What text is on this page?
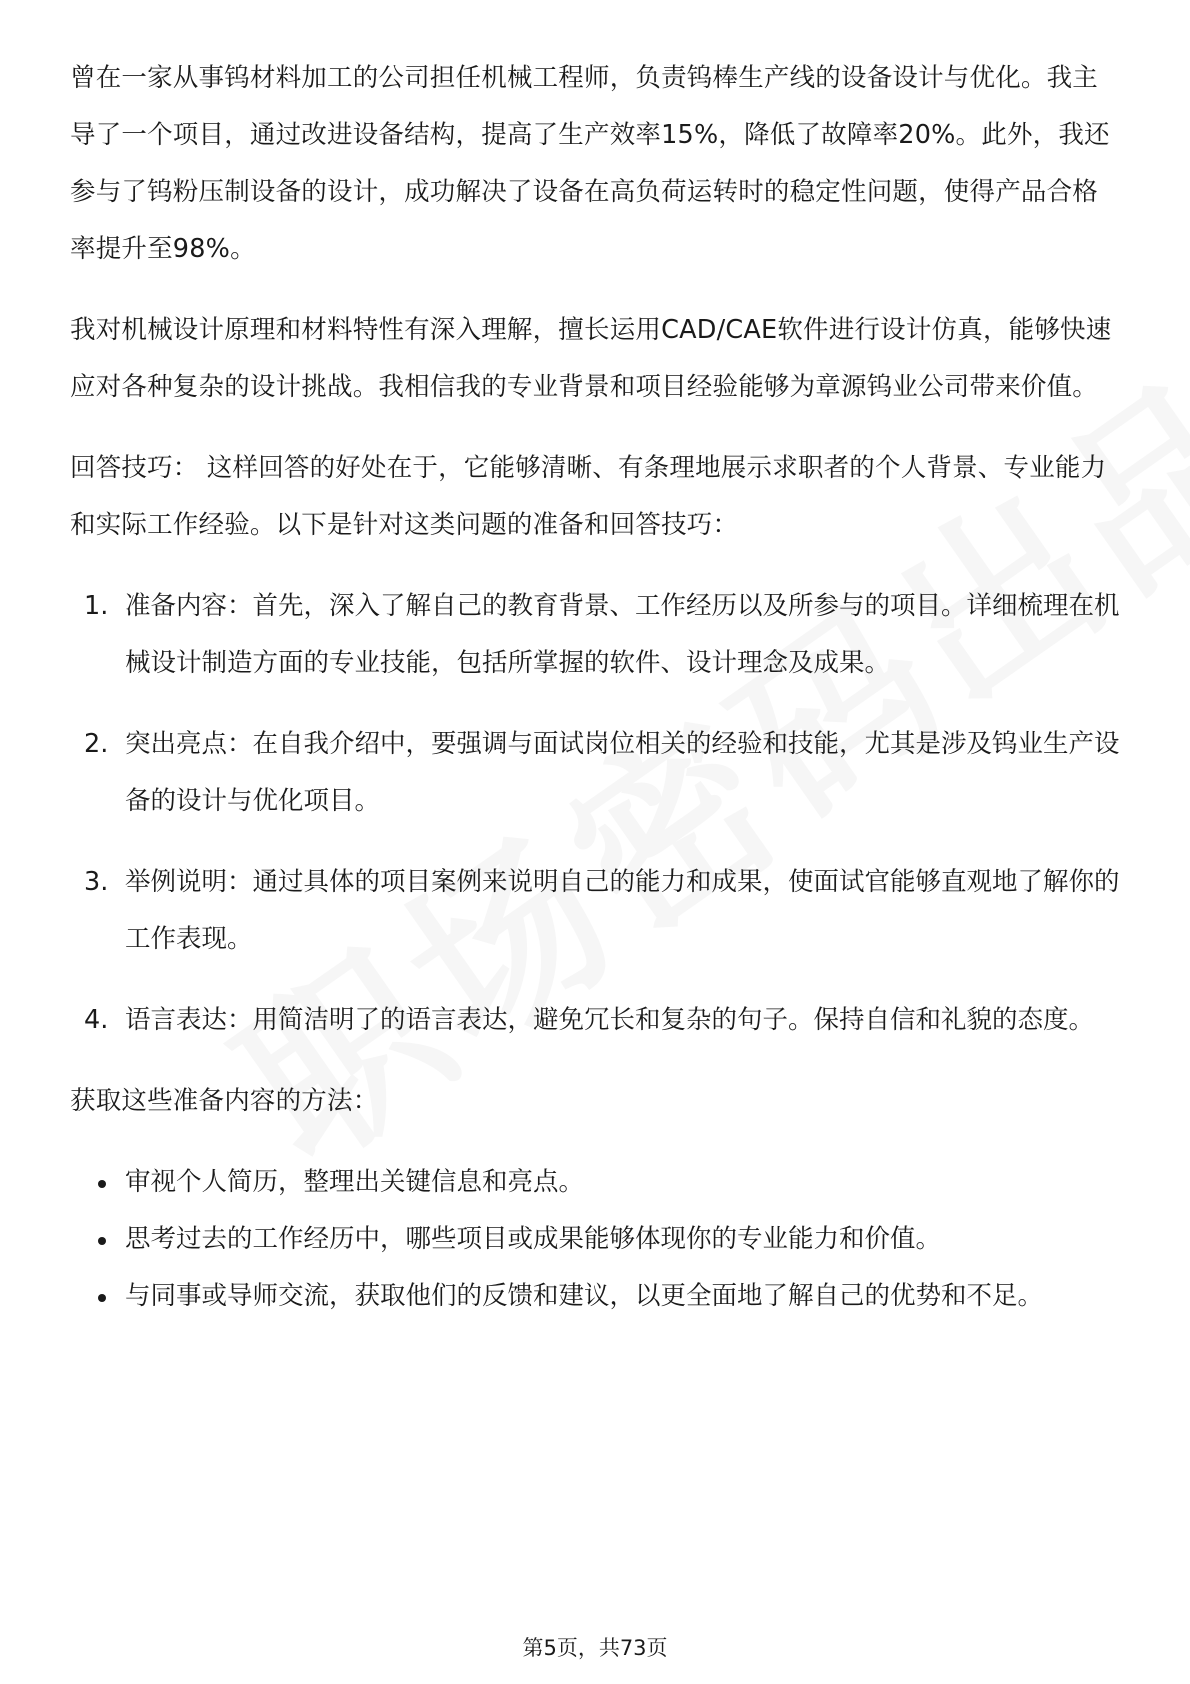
曾在一家从事钨材料加工的公司担任机械工程师，负责钨棒生产线的设备设计与优化。我主导了一个项目，通过改进设备结构，提高了生产效率15%，降低了故障率20%。此外，我还参与了钨粉压制设备的设计，成功解决了设备在高负荷运转时的稳定性问题，使得产品合格率提升至98%。

我对机械设计原理和材料特性有深入理解，擅长运用CAD/CAE软件进行设计仿真，能够快速应对各种复杂的设计挑战。我相信我的专业背景和项目经验能够为章源钨业公司带来价值。

回答技巧： 这样回答的好处在于，它能够清晰、有条理地展示求职者的个人背景、专业能力和实际工作经验。以下是针对这类问题的准备和回答技巧：

1. 准备内容：首先，深入了解自己的教育背景、工作经历以及所参与的项目。详细梳理在机械设计制造方面的专业技能，包括所掌握的软件、设计理念及成果。
2. 突出亮点：在自我介绍中，要强调与面试岗位相关的经验和技能，尤其是涉及钨业生产设备的设计与优化项目。
3. 举例说明：通过具体的项目案例来说明自己的能力和成果，使面试官能够直观地了解你的工作表现。
4. 语言表达：用简洁明了的语言表达，避免冗长和复杂的句子。保持自信和礼貌的态度。

获取这些准备内容的方法：

审视个人简历，整理出关键信息和亮点。
思考过去的工作经历中，哪些项目或成果能够体现你的专业能力和价值。
与同事或导师交流，获取他们的反馈和建议，以更全面地了解自己的优势和不足。
第5页，共73页
